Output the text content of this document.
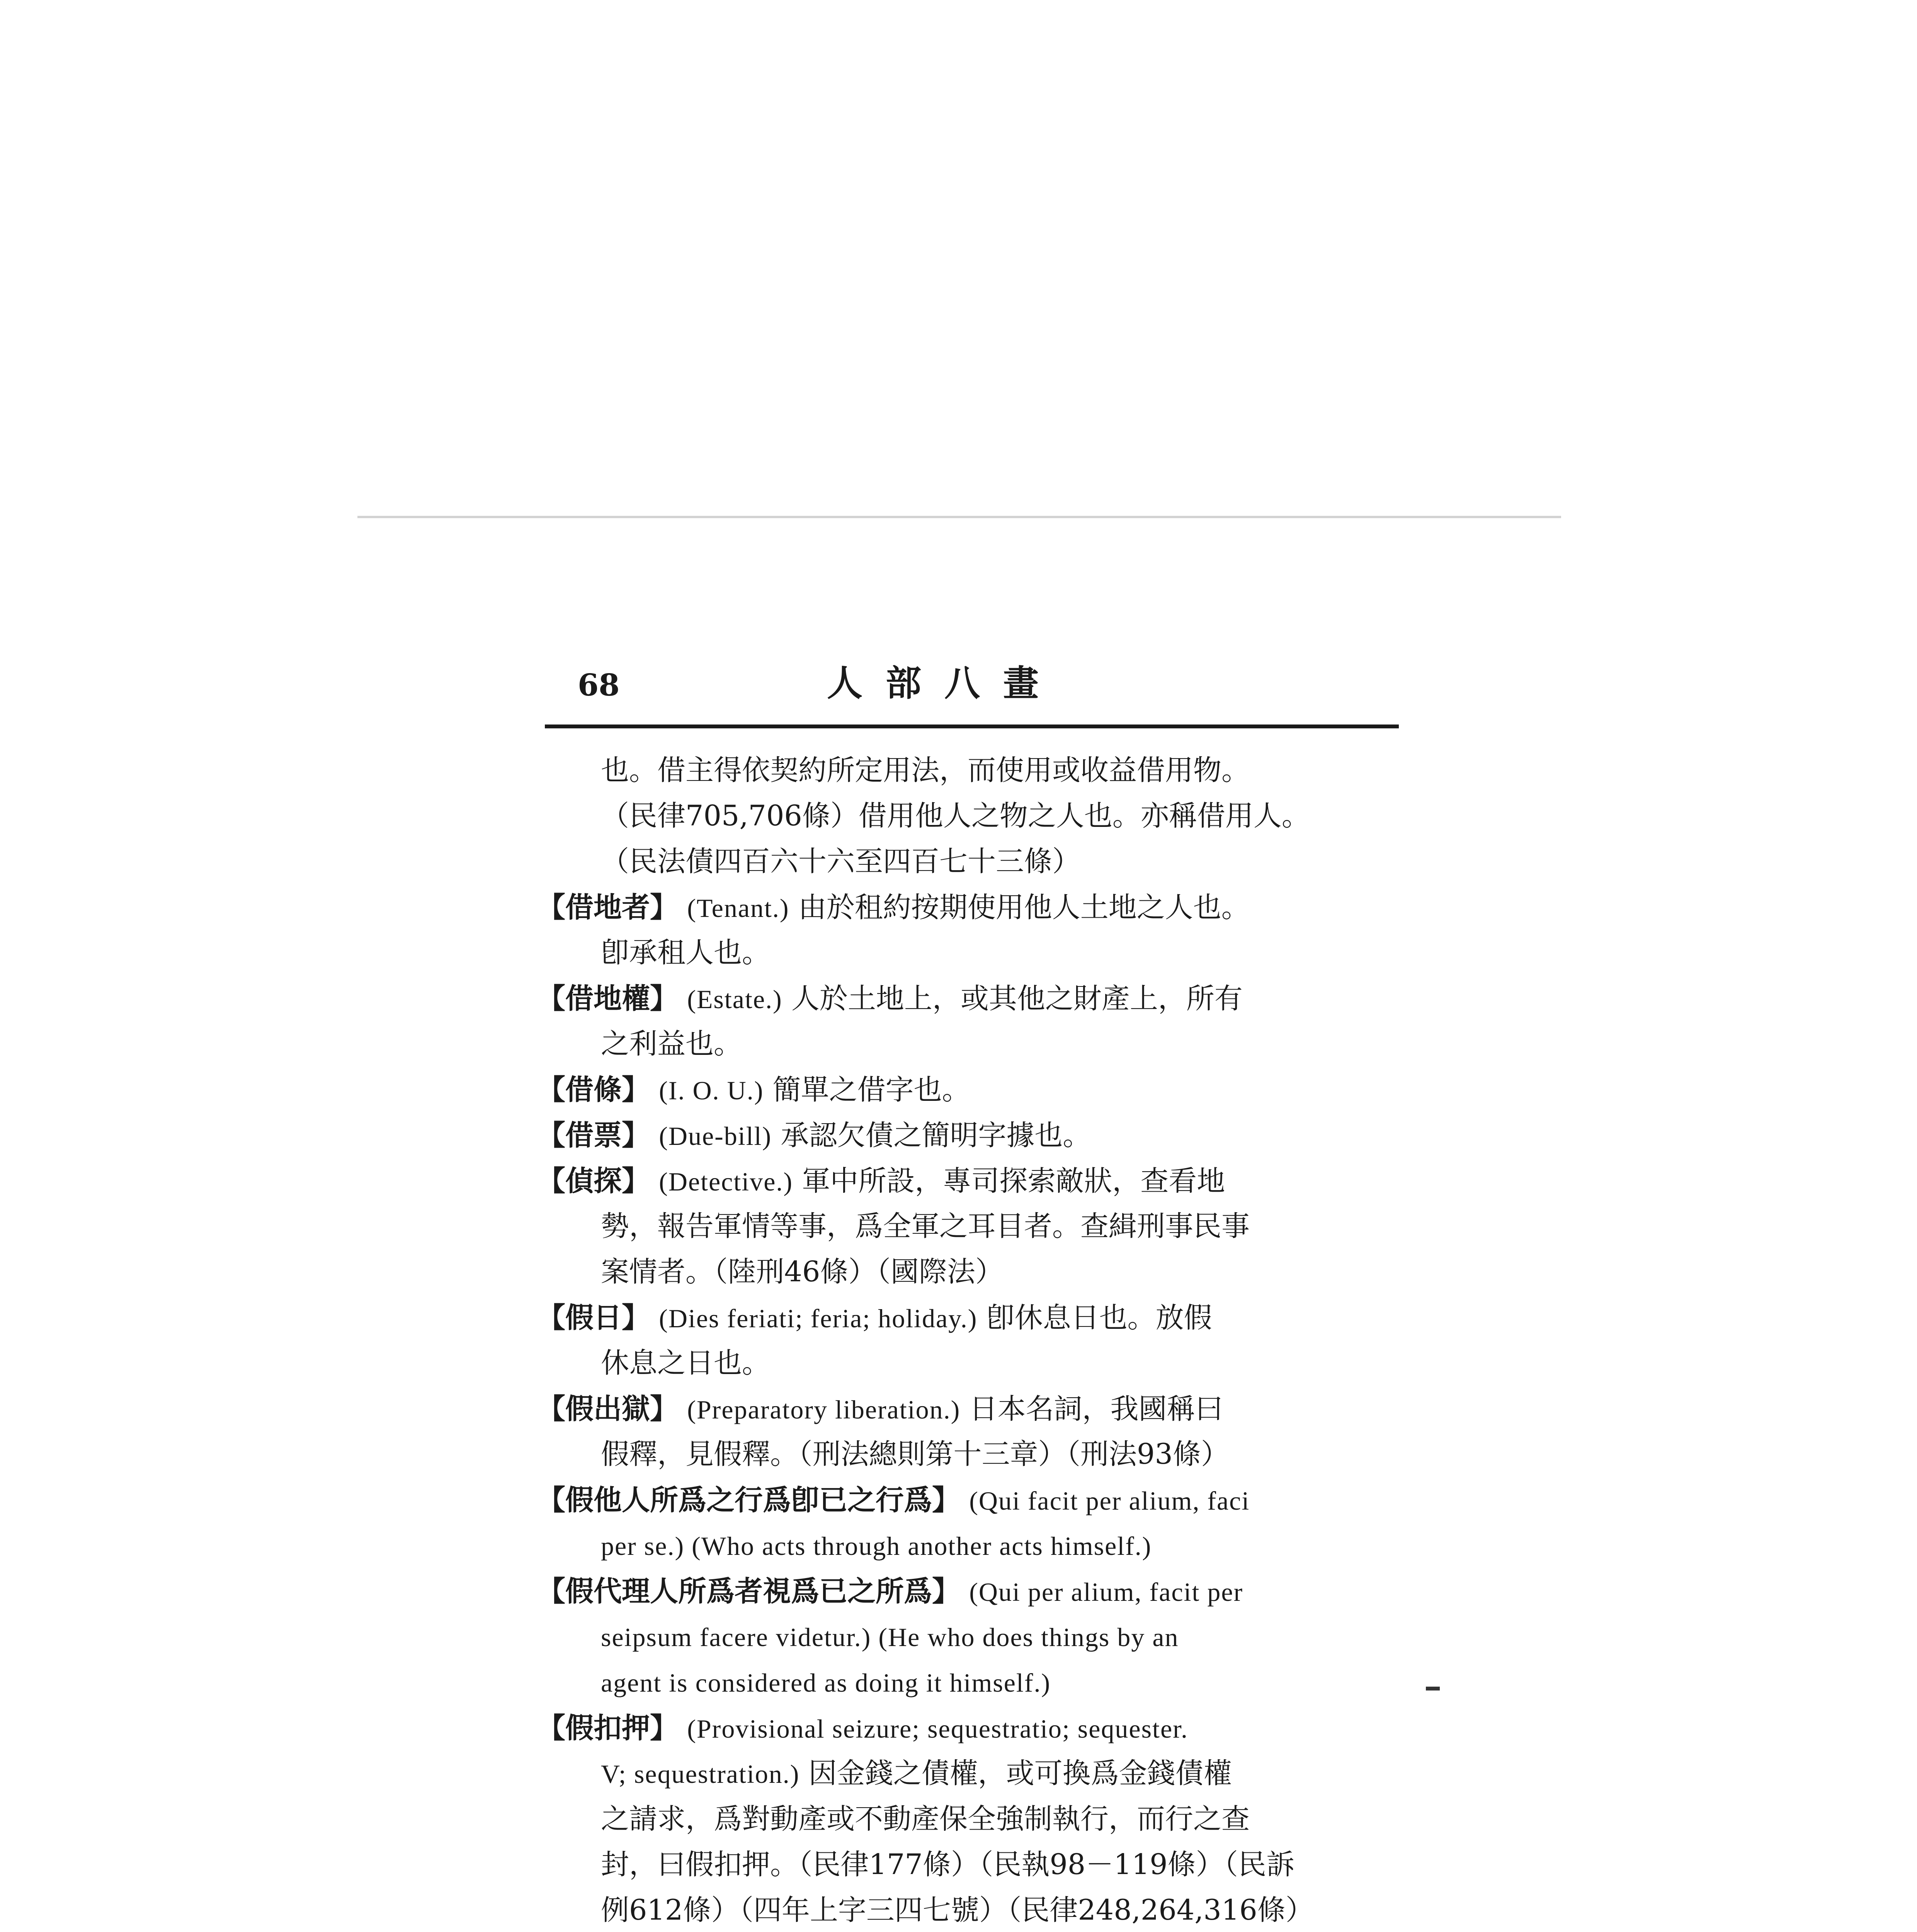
68	人部八畫
也。借主得依契約所定用法，而使用或收益借用物。
（民律705,706條）借用他人之物之人也。亦稱借用人。
（民法債四百六十六至四百七十三條）
【借地者】 (Tenant.) 由於租約按期使用他人土地之人也。
卽承租人也。
【借地權】 (Estate.) 人於土地上，或其他之財產上，所有
之利益也。
【借條】 (I. O. U.) 簡單之借字也。
【借票】 (Due-bill) 承認欠債之簡明字據也。
【偵探】 (Detective.) 軍中所設，專司探索敵狀，查看地
勢，報告軍情等事，爲全軍之耳目者。查緝刑事民事
案情者。（陸刑46條）（國際法）
【假日】 (Dies feriati; feria; holiday.) 卽休息日也。放假
休息之日也。
【假出獄】 (Preparatory liberation.) 日本名詞，我國稱曰
假釋，見假釋。（刑法總則第十三章）（刑法93條）
【假他人所爲之行爲卽已之行爲】 (Qui facit per alium, faci
per se.) (Who acts through another acts himself.)
【假代理人所爲者視爲已之所爲】 (Qui per alium, facit per
seipsum facere videtur.) (He who does things by an
agent is considered as doing it himself.)
【假扣押】 (Provisional seizure; sequestratio; sequester.
V; sequestration.) 因金錢之債權，或可換爲金錢債權
之請求，爲對動產或不動產保全強制執行，而行之查
封，曰假扣押。（民律177條）（民執98－119條）（民訴
例612條）（四年上字三四七號）（民律248,264,316條）
